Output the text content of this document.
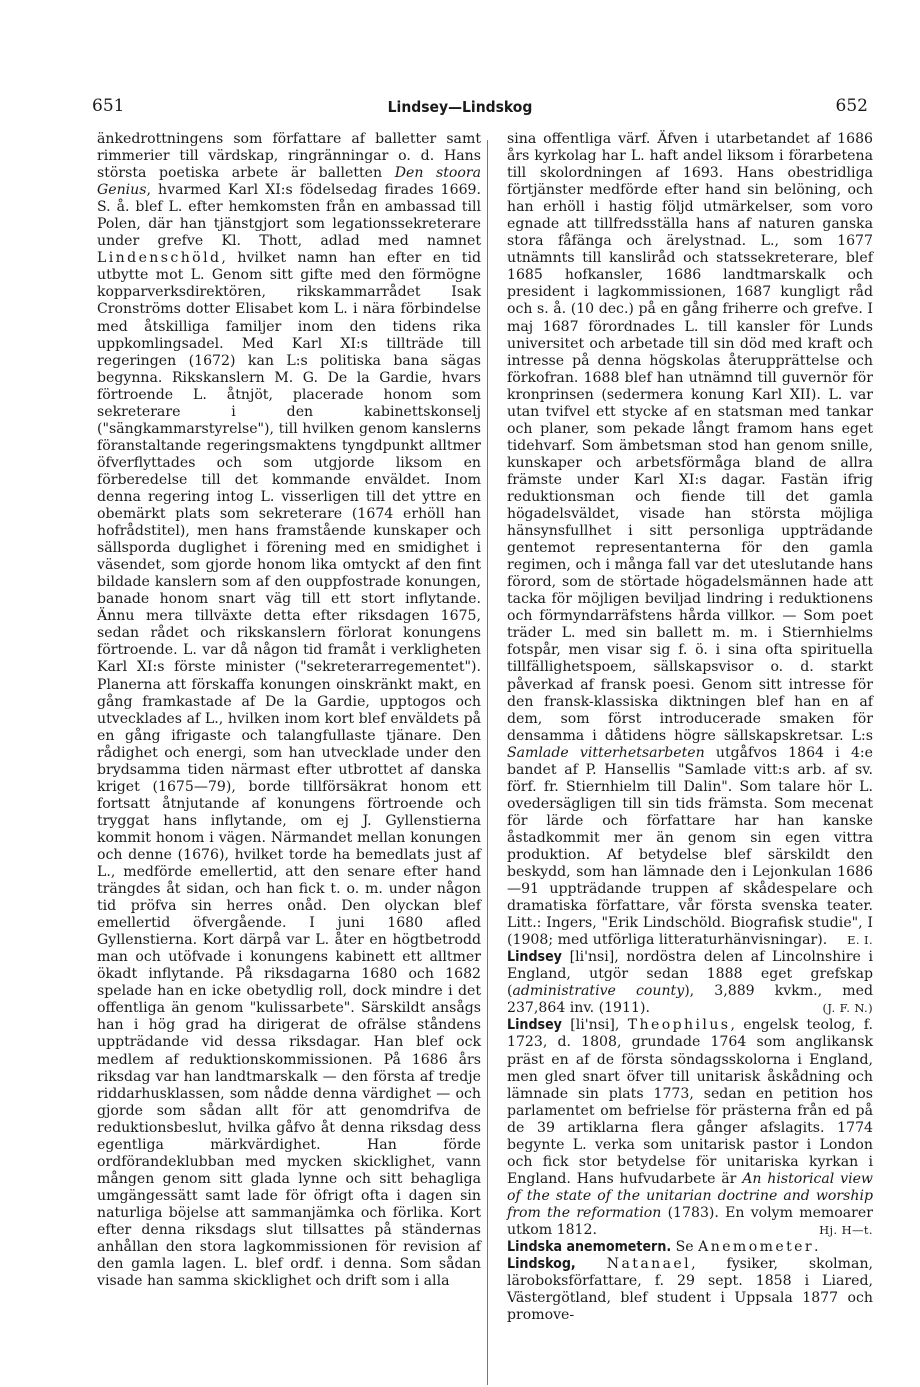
651	Lindsey—Lindskog	652

änkedrottningens som författare af balletter samt rimmerier till värdskap, ringränningar o. d. Hans största poetiska arbete är balletten Den stoora Genius, hvarmed Karl XI:s födelsedag firades 1669. S. å. blef L. efter hemkomsten från en ambassad till Polen, där han tjänstgjort som legationssekreterare under grefve Kl. Thott, adlad med namnet Lindenschöld, hvilket namn han efter en tid utbytte mot L. Genom sitt gifte med den förmögne kopparverksdirektören, rikskammarrådet Isak Cronströms dotter Elisabet kom L. i nära förbindelse med åtskilliga familjer inom den tidens rika uppkomlingsadel. Med Karl XI:s tillträde till regeringen (1672) kan L:s politiska bana sägas begynna. Rikskanslern M. G. De la Gardie, hvars förtroende L. åtnjöt, placerade honom som sekreterare i den kabinettskonselj ("sängkammarstyrelse"), till hvilken genom kanslerns föranstaltande regeringsmaktens tyngdpunkt alltmer öfverflyttades och som utgjorde liksom en förberedelse till det kommande enväldet. Inom denna regering intog L. visserligen till det yttre en obemärkt plats som sekreterare (1674 erhöll han hofrådstitel), men hans framstående kunskaper och sällsporda duglighet i förening med en smidighet i väsendet, som gjorde honom lika omtyckt af den fint bildade kanslern som af den ouppfostrade konungen, banade honom snart väg till ett stort inflytande. Ännu mera tillväxte detta efter riksdagen 1675, sedan rådet och rikskanslern förlorat konungens förtroende. L. var då någon tid framåt i verkligheten Karl XI:s förste minister ("sekreterarregementet"). Planerna att förskaffa konungen oinskränkt makt, en gång framkastade af De la Gardie, upptogos och utvecklades af L., hvilken inom kort blef enväldets på en gång ifrigaste och talangfullaste tjänare. Den rådighet och energi, som han utvecklade under den brydsamma tiden närmast efter utbrottet af danska kriget (1675—79), borde tillförsäkrat honom ett fortsatt åtnjutande af konungens förtroende och tryggat hans inflytande, om ej J. Gyllenstierna kommit honom i vägen. Närmandet mellan konungen och denne (1676), hvilket torde ha bemedlats just af L., medförde emellertid, att den senare efter hand trängdes åt sidan, och han fick t. o. m. under någon tid pröfva sin herres onåd. Den olyckan blef emellertid öfvergående. I juni 1680 afled Gyllenstierna. Kort därpå var L. åter en högtbetrodd man och utöfvade i konungens kabinett ett alltmer ökadt inflytande. På riksdagarna 1680 och 1682 spelade han en icke obetydlig roll, dock mindre i det offentliga än genom "kulissarbete". Särskildt ansågs han i hög grad ha dirigerat de ofrälse ståndens uppträdande vid dessa riksdagar. Han blef ock medlem af reduktionskommissionen. På 1686 års riksdag var han landtmarskalk — den första af tredje riddarhusklassen, som nådde denna värdighet — och gjorde som sådan allt för att genomdrifva de reduktionsbeslut, hvilka gåfvo åt denna riksdag dess egentliga märkvärdighet. Han förde ordförandeklubban med mycken skicklighet, vann mången genom sitt glada lynne och sitt behagliga umgängessätt samt lade för öfrigt ofta i dagen sin naturliga böjelse att sammanjämka och förlika. Kort efter denna riksdags slut tillsattes på ständernas anhållan den stora lagkommissionen för revision af den gamla lagen. L. blef ordf. i denna. Som sådan visade han samma skicklighet och drift som i alla

sina offentliga värf. Äfven i utarbetandet af 1686 års kyrkolag har L. haft andel liksom i förarbetena till skolordningen af 1693. Hans obestridliga förtjänster medförde efter hand sin belöning, och han erhöll i hastig följd utmärkelser, som voro egnade att tillfredsställa hans af naturen ganska stora fåfänga och ärelystnad. L., som 1677 utnämnts till kansliråd och statssekreterare, blef 1685 hofkansler, 1686 landtmarskalk och president i lagkommissionen, 1687 kungligt råd och s. å. (10 dec.) på en gång friherre och grefve. I maj 1687 förordnades L. till kansler för Lunds universitet och arbetade till sin död med kraft och intresse på denna högskolas återupprättelse och förkofran. 1688 blef han utnämnd till guvernör för kronprinsen (sedermera konung Karl XII). L. var utan tvifvel ett stycke af en statsman med tankar och planer, som pekade långt framom hans eget tidehvarf. Som ämbetsman stod han genom snille, kunskaper och arbetsförmåga bland de allra främste under Karl XI:s dagar. Fastän ifrig reduktionsman och fiende till det gamla högadelsväldet, visade han största möjliga hänsynsfullhet i sitt personliga uppträdande gentemot representanterna för den gamla regimen, och i många fall var det uteslutande hans förord, som de störtade högadelsmännen hade att tacka för möjligen beviljad lindring i reduktionens och förmyndarräfstens hårda villkor. — Som poet träder L. med sin ballett m. m. i Stiernhielms fotspår, men visar sig f. ö. i sina ofta spirituella tillfällighetspoem, sällskapsvisor o. d. starkt påverkad af fransk poesi. Genom sitt intresse för den fransk-klassiska diktningen blef han en af dem, som först introducerade smaken för densamma i dåtidens högre sällskapskretsar. L:s Samlade vitterhetsarbeten utgåfvos 1864 i 4:e bandet af P. Hansellis "Samlade vitt:s arb. af sv. förf. fr. Stiernhielm till Dalin". Som talare hör L. ovedersägligen till sin tids främsta. Som mecenat för lärde och författare har han kanske åstadkommit mer än genom sin egen vittra produktion. Af betydelse blef särskildt den beskydd, som han lämnade den i Lejonkulan 1686—91 uppträdande truppen af skådespelare och dramatiska författare, vår första svenska teater. Litt.: Ingers, "Erik Lindschöld. Biografisk studie", I (1908; med utförliga litteraturhänvisningar). E. I.

Lindsey [li'nsi], nordöstra delen af Lincolnshire i England, utgör sedan 1888 eget grefskap (administrative county), 3,889 kvkm., med 237,864 inv. (1911).	(J. F. N.)

Lindsey [li'nsi], Theophilus, engelsk teolog, f. 1723, d. 1808, grundade 1764 som anglikansk präst en af de första söndagsskolorna i England, men gled snart öfver till unitarisk åskådning och lämnade sin plats 1773, sedan en petition hos parlamentet om befrielse för prästerna från ed på de 39 artiklarna flera gånger afslagits. 1774 begynte L. verka som unitarisk pastor i London och fick stor betydelse för unitariska kyrkan i England. Hans hufvudarbete är An historical view of the state of the unitarian doctrine and worship from the reformation (1783). En volym memoarer utkom 1812.	Hj. H—t.

Lindska anemometern. Se Anemometer.

Lindskog, Natanael, fysiker, skolman, läroboksförfattare, f. 29 sept. 1858 i Liared, Västergötland, blef student i Uppsala 1877 och promove-
